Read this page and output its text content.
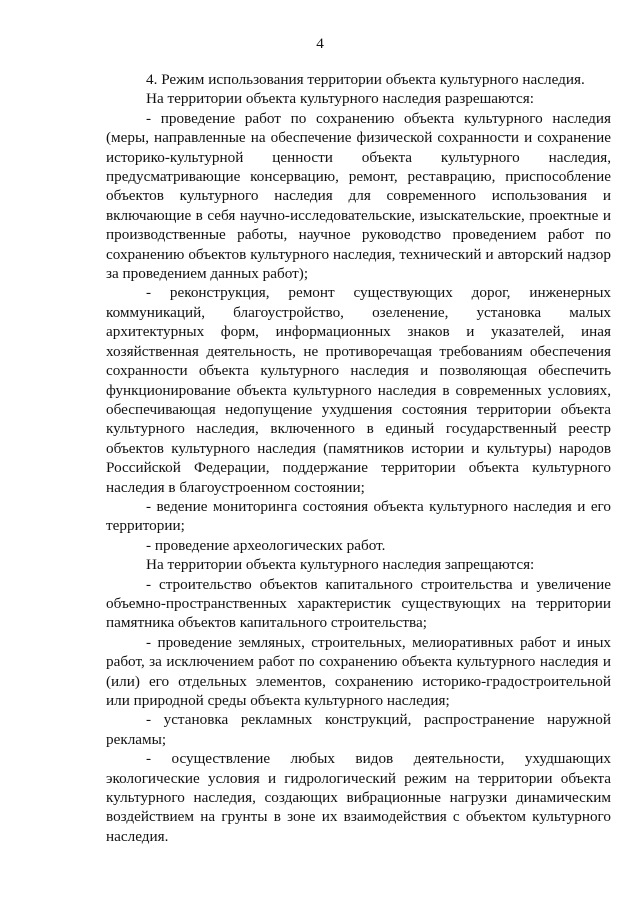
4

4. Режим использования территории объекта культурного наследия.

На территории объекта культурного наследия разрешаются:

- проведение работ по сохранению объекта культурного наследия (меры, направленные на обеспечение физической сохранности и сохранение историко-культурной ценности объекта культурного наследия, предусматривающие консервацию, ремонт, реставрацию, приспособление объектов культурного наследия для современного использования и включающие в себя научно-исследовательские, изыскательские, проектные и производственные работы, научное руководство проведением работ по сохранению объектов культурного наследия, технический и авторский надзор за проведением данных работ);

- реконструкция, ремонт существующих дорог, инженерных коммуникаций, благоустройство, озеленение, установка малых архитектурных форм, информационных знаков и указателей, иная хозяйственная деятельность, не противоречащая требованиям обеспечения сохранности объекта культурного наследия и позволяющая обеспечить функционирование объекта культурного наследия в современных условиях, обеспечивающая недопущение ухудшения состояния территории объекта культурного наследия, включенного в единый государственный реестр объектов культурного наследия (памятников истории и культуры) народов Российской Федерации, поддержание территории объекта культурного наследия в благоустроенном состоянии;

- ведение мониторинга состояния объекта культурного наследия и его территории;

- проведение археологических работ.

На территории объекта культурного наследия запрещаются:

- строительство объектов капитального строительства и увеличение объемно-пространственных характеристик существующих на территории памятника объектов капитального строительства;

- проведение земляных, строительных, мелиоративных работ и иных работ, за исключением работ по сохранению объекта культурного наследия и (или) его отдельных элементов, сохранению историко-градостроительной или природной среды объекта культурного наследия;

- установка рекламных конструкций, распространение наружной рекламы;

- осуществление любых видов деятельности, ухудшающих экологические условия и гидрологический режим на территории объекта культурного наследия, создающих вибрационные нагрузки динамическим воздействием на грунты в зоне их взаимодействия с объектом культурного наследия.
